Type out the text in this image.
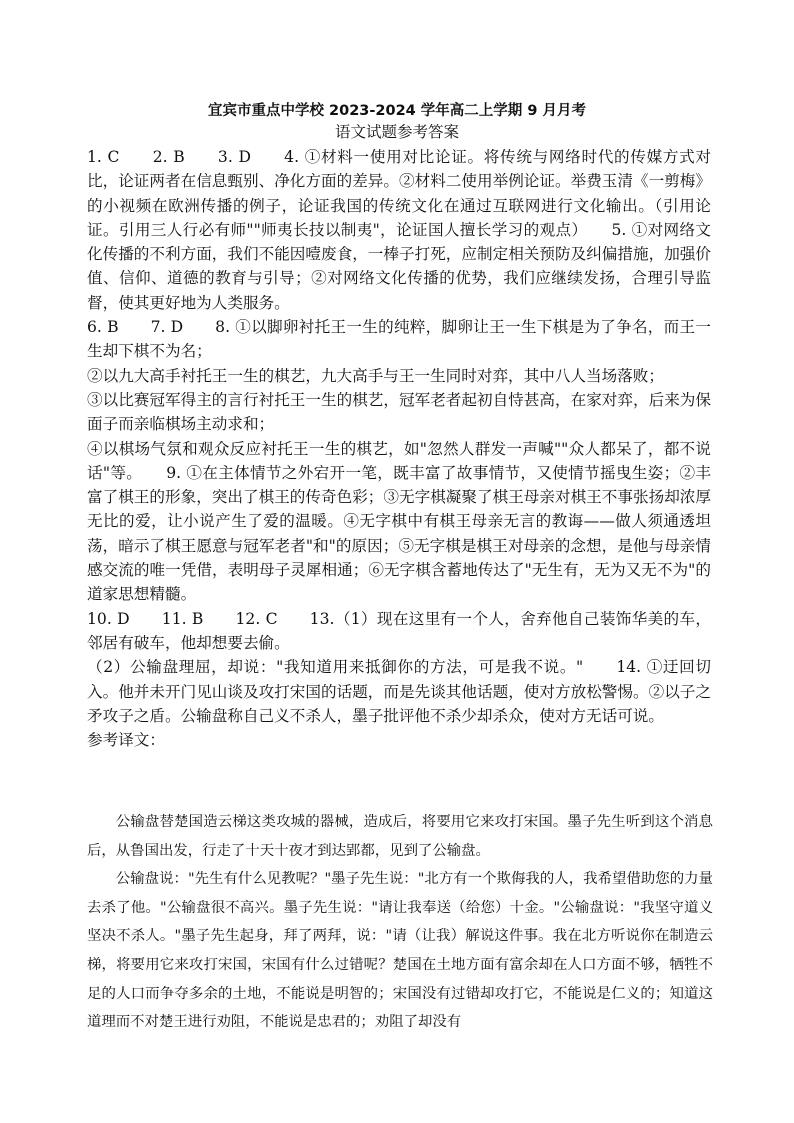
宜宾市重点中学校 2023-2024 学年高二上学期 9 月月考
语文试题参考答案

1. C　　2. B　　3. D　　4. ①材料一使用对比论证。将传统与网络时代的传媒方式对比，论证两者在信息甄别、净化方面的差异。②材料二使用举例论证。举费玉清《一剪梅》的小视频在欧洲传播的例子，论证我国的传统文化在通过互联网进行文化输出。（引用论证。引用三人行必有师""师夷长技以制夷"，论证国人擅长学习的观点）　　5. ①对网络文化传播的不利方面，我们不能因噎废食，一棒子打死，应制定相关预防及纠偏措施，加强价值、信仰、道德的教育与引导；②对网络文化传播的优势，我们应继续发扬，合理引导监督，使其更好地为人类服务。

6. B　　7. D　　8. ①以脚卵衬托王一生的纯粹，脚卵让王一生下棋是为了争名，而王一生却下棋不为名；

②以九大高手衬托王一生的棋艺，九大高手与王一生同时对弈，其中八人当场落败；

③以比赛冠军得主的言行衬托王一生的棋艺，冠军老者起初自恃甚高，在家对弈，后来为保面子而亲临棋场主动求和；

④以棋场气氛和观众反应衬托王一生的棋艺，如"忽然人群发一声喊""众人都呆了，都不说话"等。　　9. ①在主体情节之外宕开一笔，既丰富了故事情节，又使情节摇曳生姿；②丰富了棋王的形象，突出了棋王的传奇色彩；③无字棋凝聚了棋王母亲对棋王不事张扬却浓厚无比的爱，让小说产生了爱的温暖。④无字棋中有棋王母亲无言的教诲——做人须通透坦荡，暗示了棋王愿意与冠军老者"和"的原因；⑤无字棋是棋王对母亲的念想，是他与母亲情感交流的唯一凭借，表明母子灵犀相通；⑥无字棋含蓄地传达了"无生有，无为又无不为"的道家思想精髓。

10. D　　11. B　　12. C　　13.（1）现在这里有一个人，舍弃他自己装饰华美的车，邻居有破车，他却想要去偷。

（2）公输盘理屈，却说："我知道用来抵御你的方法，可是我不说。"　　14. ①迂回切入。他并未开门见山谈及攻打宋国的话题，而是先谈其他话题，使对方放松警惕。②以子之矛攻子之盾。公输盘称自己义不杀人，墨子批评他不杀少却杀众，使对方无话可说。

参考译文：

公输盘替楚国造云梯这类攻城的器械，造成后，将要用它来攻打宋国。墨子先生听到这个消息后，从鲁国出发，行走了十天十夜才到达郢都，见到了公输盘。

公输盘说："先生有什么见教呢？"墨子先生说："北方有一个欺侮我的人，我希望借助您的力量去杀了他。"公输盘很不高兴。墨子先生说："请让我奉送（给您）十金。"公输盘说："我坚守道义坚决不杀人。"墨子先生起身，拜了两拜，说："请（让我）解说这件事。我在北方听说你在制造云梯，将要用它来攻打宋国，宋国有什么过错呢？楚国在土地方面有富余却在人口方面不够，牺牲不足的人口而争夺多余的土地，不能说是明智的；宋国没有过错却攻打它，不能说是仁义的；知道这道理而不对楚王进行劝阻，不能说是忠君的；劝阻了却没有
